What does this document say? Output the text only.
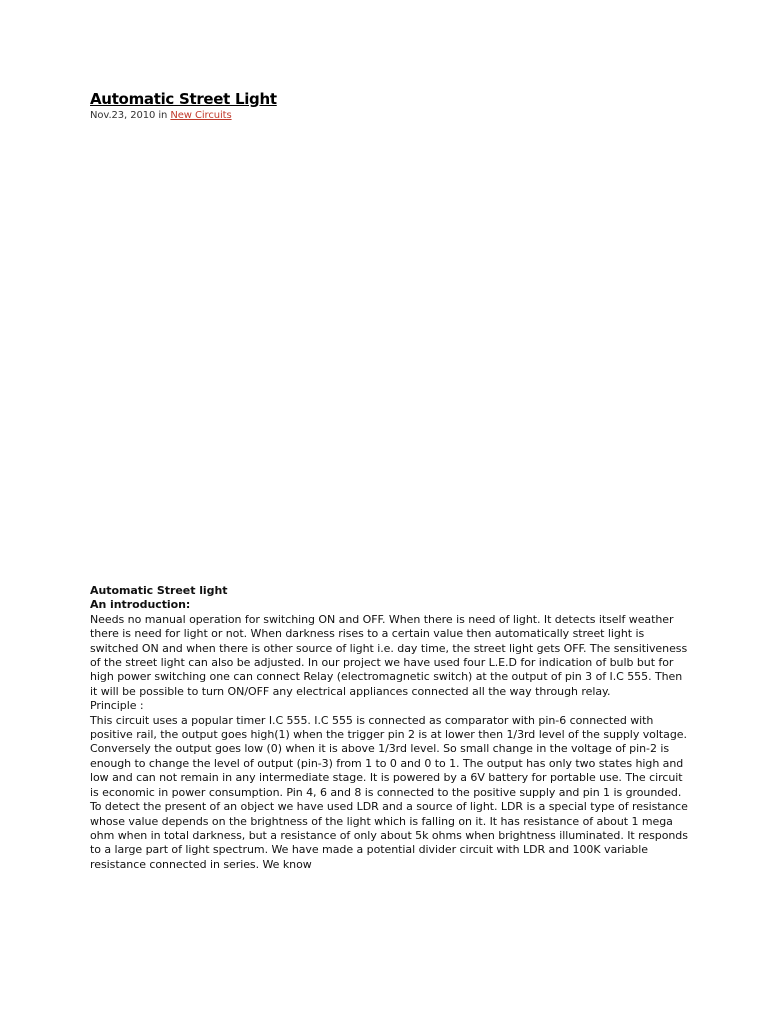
Automatic Street Light
Nov.23, 2010 in New Circuits
Automatic Street light
An introduction:

Needs no manual operation for switching ON and OFF. When there is need of light. It detects itself weather there is need for light or not. When darkness rises to a certain value then automatically street light is switched ON and when there is other source of light i.e. day time, the street light gets OFF. The sensitiveness of the street light can also be adjusted. In our project we have used four L.E.D for indication of bulb but for high power switching one can connect Relay (electromagnetic switch) at the output of pin 3 of I.C 555. Then it will be possible to turn ON/OFF any electrical appliances connected all the way through relay.

Principle :

This circuit uses a popular timer I.C 555. I.C 555 is connected as comparator with pin-6 connected with positive rail, the output goes high(1) when the trigger pin 2 is at lower then 1/3rd level of the supply voltage. Conversely the output goes low (0) when it is above 1/3rd level. So small change in the voltage of pin-2 is enough to change the level of output (pin-3) from 1 to 0 and 0 to 1. The output has only two states high and low and can not remain in any intermediate stage. It is powered by a 6V battery for portable use. The circuit is economic in power consumption. Pin 4, 6 and 8 is connected to the positive supply and pin 1 is grounded. To detect the present of an object we have used LDR and a source of light. LDR is a special type of resistance whose value depends on the brightness of the light which is falling on it. It has resistance of about 1 mega ohm when in total darkness, but a resistance of only about 5k ohms when brightness illuminated. It responds to a large part of light spectrum. We have made a potential divider circuit with LDR and 100K variable resistance connected in series. We know
